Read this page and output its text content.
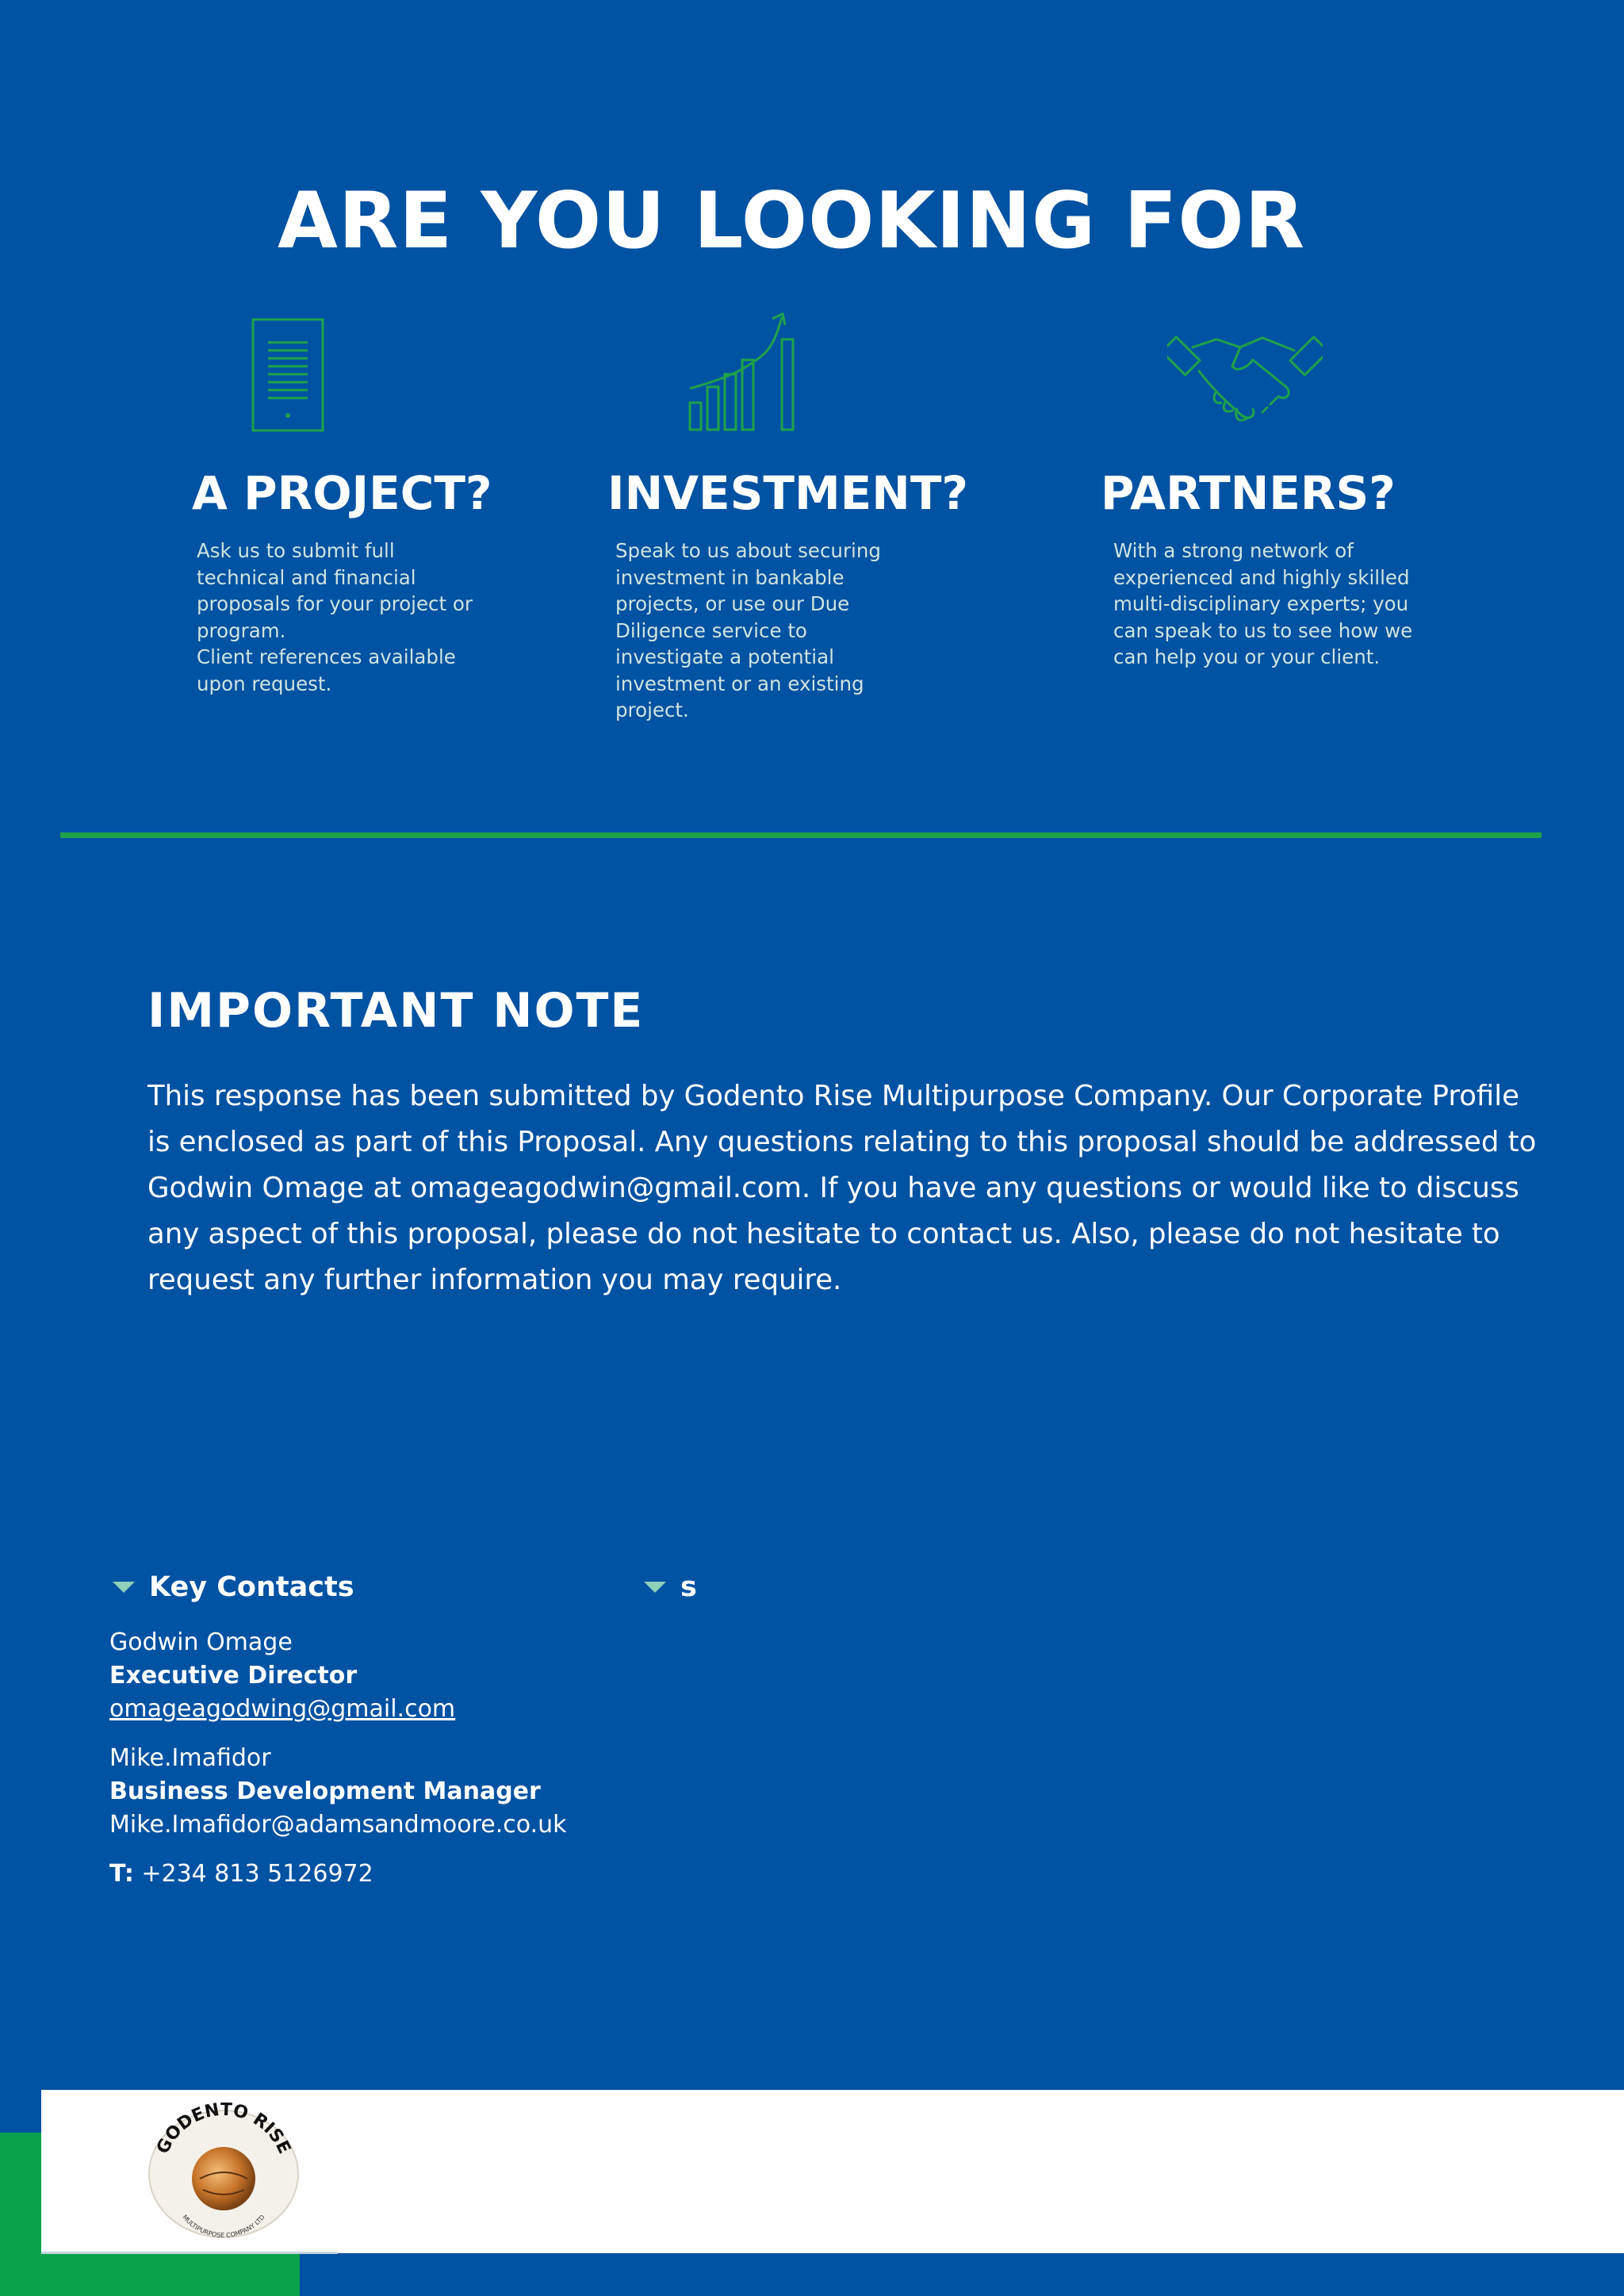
ARE YOU LOOKING FOR
A PROJECT?	INVESTMENT?	PARTNERS?
Ask us to submit full
technical and financial
proposals for your project or
program.
Client references available
upon request.
Speak to us about securing
investment in bankable
projects, or use our Due
Diligence service to
investigate a potential
investment or an existing
project.
With a strong network of
experienced and highly skilled
multi-disciplinary experts; you
can speak to us to see how we
can help you or your client.
IMPORTANT NOTE
This response has been submitted by Godento Rise Multipurpose Company. Our Corporate Profile
is enclosed as part of this Proposal. Any questions relating to this proposal should be addressed to
Godwin Omage at omageagodwin@gmail.com. If you have any questions or would like to discuss
any aspect of this proposal, please do not hesitate to contact us. Also, please do not hesitate to
request any further information you may require.
Key Contacts	s

Godwin Omage

Executive Director

omageagodwing@gmail.com

Mike.Imafidor

Business Development Manager

Mike.Imafidor@adamsandmoore.co.uk

T: +234 813 5126972

GODENTO RISE
MULTIPURPOSE COMPANY LTD
